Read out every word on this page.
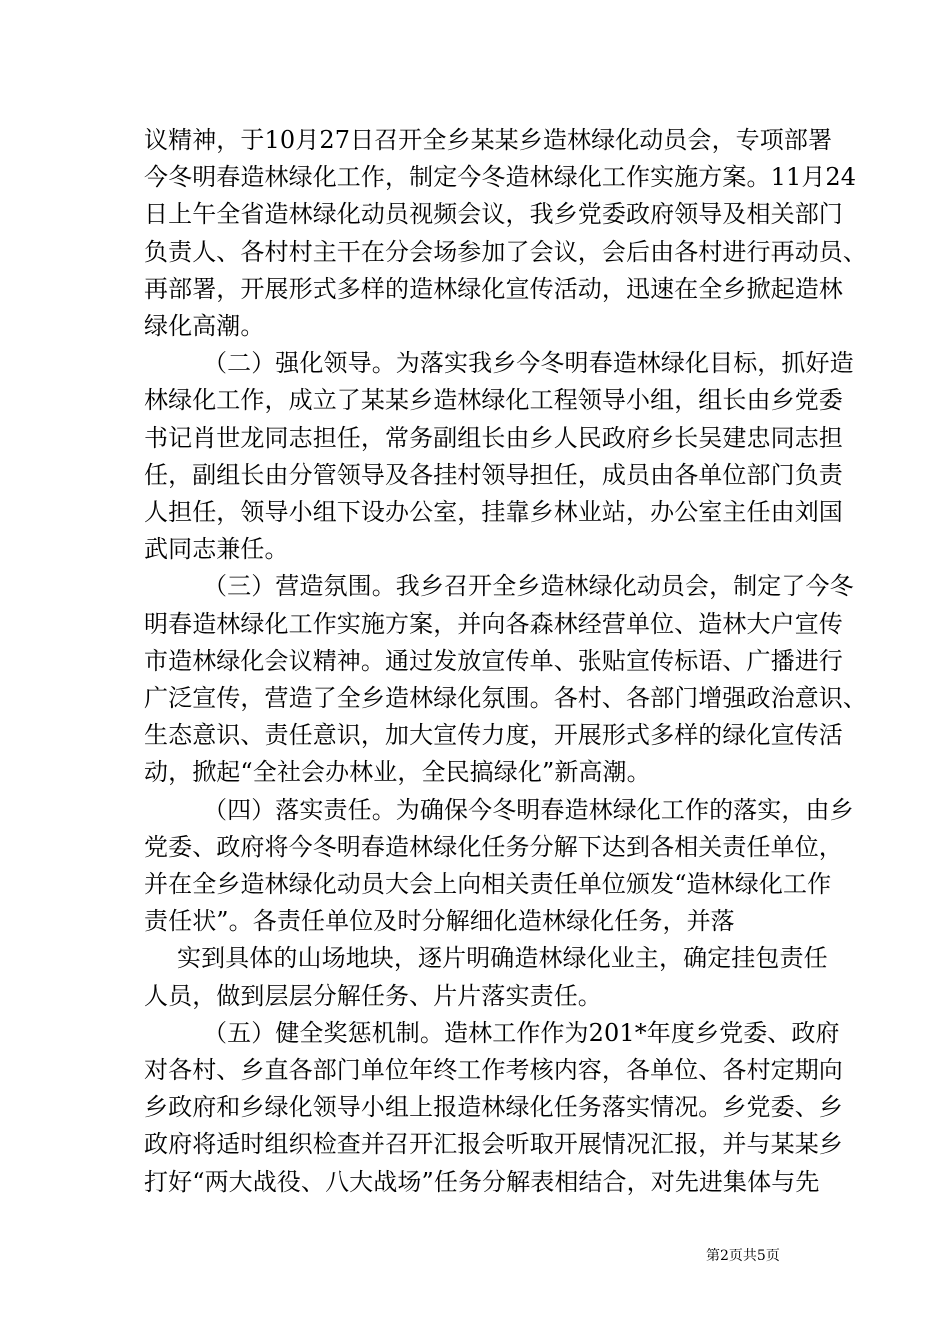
议精神，于10月27日召开全乡某某乡造林绿化动员会，专项部署
今冬明春造林绿化工作，制定今冬造林绿化工作实施方案。11月24
日上午全省造林绿化动员视频会议，我乡党委政府领导及相关部门
负责人、各村村主干在分会场参加了会议，会后由各村进行再动员、
再部署，开展形式多样的造林绿化宣传活动，迅速在全乡掀起造林
绿化高潮。
（二）强化领导。为落实我乡今冬明春造林绿化目标，抓好造
林绿化工作，成立了某某乡造林绿化工程领导小组，组长由乡党委
书记肖世龙同志担任，常务副组长由乡人民政府乡长吴建忠同志担
任，副组长由分管领导及各挂村领导担任，成员由各单位部门负责
人担任，领导小组下设办公室，挂靠乡林业站，办公室主任由刘国
武同志兼任。
（三）营造氛围。我乡召开全乡造林绿化动员会，制定了今冬
明春造林绿化工作实施方案，并向各森林经营单位、造林大户宣传
市造林绿化会议精神。通过发放宣传单、张贴宣传标语、广播进行
广泛宣传，营造了全乡造林绿化氛围。各村、各部门增强政治意识、
生态意识、责任意识，加大宣传力度，开展形式多样的绿化宣传活
动，掀起“全社会办林业，全民搞绿化”新高潮。
（四）落实责任。为确保今冬明春造林绿化工作的落实，由乡
党委、政府将今冬明春造林绿化任务分解下达到各相关责任单位，
并在全乡造林绿化动员大会上向相关责任单位颁发“造林绿化工作
责任状”。各责任单位及时分解细化造林绿化任务，并落
实到具体的山场地块，逐片明确造林绿化业主，确定挂包责任
人员，做到层层分解任务、片片落实责任。
（五）健全奖惩机制。造林工作作为201*年度乡党委、政府
对各村、乡直各部门单位年终工作考核内容，各单位、各村定期向
乡政府和乡绿化领导小组上报造林绿化任务落实情况。乡党委、乡
政府将适时组织检查并召开汇报会听取开展情况汇报，并与某某乡
打好“两大战役、八大战场”任务分解表相结合，对先进集体与先
第2页共5页
